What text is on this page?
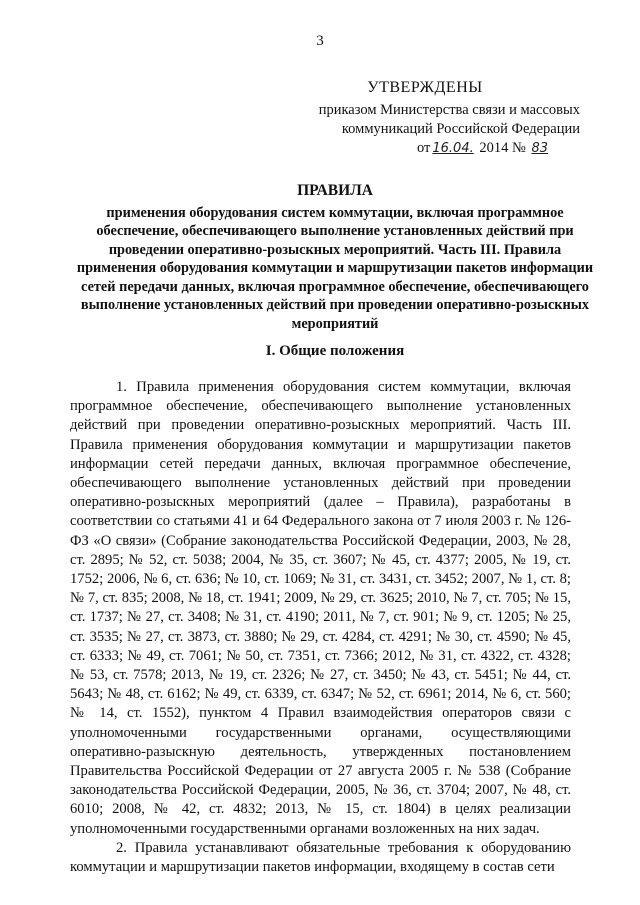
3
УТВЕРЖДЕНЫ
приказом Министерства связи и массовых
коммуникаций Российской Федерации
от 16.04. 2014 № 83
ПРАВИЛА
применения оборудования систем коммутации, включая программное обеспечение, обеспечивающего выполнение установленных действий при проведении оперативно-розыскных мероприятий. Часть III. Правила применения оборудования коммутации и маршрутизации пакетов информации сетей передачи данных, включая программное обеспечение, обеспечивающего выполнение установленных действий при проведении оперативно-розыскных мероприятий
I. Общие положения

1. Правила применения оборудования систем коммутации, включая программное обеспечение, обеспечивающего выполнение установленных действий при проведении оперативно-розыскных мероприятий. Часть III. Правила применения оборудования коммутации и маршрутизации пакетов информации сетей передачи данных, включая программное обеспечение, обеспечивающего выполнение установленных действий при проведении оперативно-розыскных мероприятий (далее – Правила), разработаны в соответствии со статьями 41 и 64 Федерального закона от 7 июля 2003 г. № 126-ФЗ «О связи» (Собрание законодательства Российской Федерации, 2003, № 28, ст. 2895; № 52, ст. 5038; 2004, № 35, ст. 3607; № 45, ст. 4377; 2005, № 19, ст. 1752; 2006, № 6, ст. 636; № 10, ст. 1069; № 31, ст. 3431, ст. 3452; 2007, № 1, ст. 8; № 7, ст. 835; 2008, № 18, ст. 1941; 2009, № 29, ст. 3625; 2010, № 7, ст. 705; № 15, ст. 1737; № 27, ст. 3408; № 31, ст. 4190; 2011, № 7, ст. 901; № 9, ст. 1205; № 25, ст. 3535; № 27, ст. 3873, ст. 3880; № 29, ст. 4284, ст. 4291; № 30, ст. 4590; № 45, ст. 6333; № 49, ст. 7061; № 50, ст. 7351, ст. 7366; 2012, № 31, ст. 4322, ст. 4328; № 53, ст. 7578; 2013, № 19, ст. 2326; № 27, ст. 3450; № 43, ст. 5451; № 44, ст. 5643; № 48, ст. 6162; № 49, ст. 6339, ст. 6347; № 52, ст. 6961; 2014, № 6, ст. 560; № 14, ст. 1552), пунктом 4 Правил взаимодействия операторов связи с уполномоченными государственными органами, осуществляющими оперативно-разыскную деятельность, утвержденных постановлением Правительства Российской Федерации от 27 августа 2005 г. № 538 (Собрание законодательства Российской Федерации, 2005, № 36, ст. 3704; 2007, № 48, ст. 6010; 2008, № 42, ст. 4832; 2013, № 15, ст. 1804) в целях реализации уполномоченными государственными органами возложенных на них задач.

2. Правила устанавливают обязательные требования к оборудованию коммутации и маршрутизации пакетов информации, входящему в состав сети
